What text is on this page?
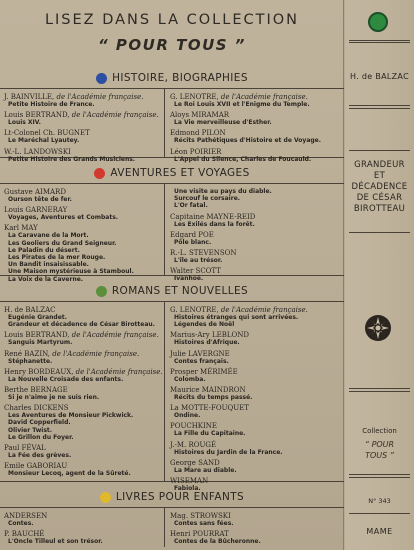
LISEZ DANS LA COLLECTION
“ POUR TOUS ”
HISTOIRE, BIOGRAPHIES
J. BAINVILLE, de l'Académie française.
Petite Histoire de France.
Louis BERTRAND, de l'Académie française.
Louis XIV.
Lt-Colonel Ch. BUGNET
Le Maréchal Lyautey.
W.-L. LANDOWSKI
Petite Histoire des Grands Musiciens.
G. LENOTRE, de l'Académie française.
Le Roi Louis XVII et l'Enigme du Temple.
Aloys MIRAMAR
La Vie merveilleuse d'Esther.
Edmond PILON
Récits Pathétiques d'Histoire et de Voyage.
Léon POIRIER
L'Appel du Silence, Charles de Foucauld.
AVENTURES ET VOYAGES
Gustave AIMARD
Ourson tête de fer.
Louis GARNERAY
Voyages, Aventures et Combats.
Karl MAY
La Caravane de la Mort.
Les Geoliers du Grand Seigneur.
Le Paladin du désert.
Les Pirates de la mer Rouge.
Un Bandit insaisissable.
Une Maison mystérieuse à Stamboul.
La Voix de la Caverne.
Une visite au pays du diable.
Surcouf le corsaire.
L'Or fatal.
Capitaine MAYNE-REID
Les Exilés dans la forêt.
Edgard POE
Pôle blanc.
R.-L. STEVENSON
L'île au trésor.
Walter SCOTT
Ivanhoë.
ROMANS ET NOUVELLES
H. de BALZAC
Eugénie Grandet.
Grandeur et décadence de César Birotteau.
Louis BERTRAND, de l'Académie française.
Sanguis Martyrum.
René BAZIN, de l'Académie française.
Stéphanette.
Henry BORDEAUX, de l'Académie française.
La Nouvelle Croisade des enfants.
Berthe BERNAGE
Si je n'aime je ne suis rien.
Charles DICKENS
Les Aventures de Monsieur Pickwick.
David Copperfield.
Olivier Twist.
Le Grillon du Foyer.
Paul FÉVAL
La Fée des grèves.
Emile GABORIAU
Monsieur Lecoq, agent de la Sûreté.
G. LENOTRE, de l'Académie française.
Histoires étranges qui sont arrivées.
Légendes de Noël
Marius-Ary LEBLOND
Histoires d'Afrique.
Julie LAVERGNE
Contes français.
Prosper MÉRIMÉE
Colomba.
Maurice MAINDRON
Récits du temps passé.
La MOTTE-FOUQUET
Ondine.
POUCHKINE
La Fille du Capitaine.
J.-M. ROUGÉ
Histoires du Jardin de la France.
George SAND
La Mare au diable.
WISEMAN
Fabiola.
LIVRES POUR ENFANTS
ANDERSEN
Contes.
P. BAUCHÉ
L'Oncle Tilleul et son trésor.
Mag. STROWSKI
Contes sans fées.
Henri POURRAT
Contes de la Bûcheronne.
H. de BALZAC
GRANDEUR
ET
DÉCADENCE
DE CÉSAR
BIROTTEAU
Collection
“ POUR
TOUS ”
N° 343
MAME
